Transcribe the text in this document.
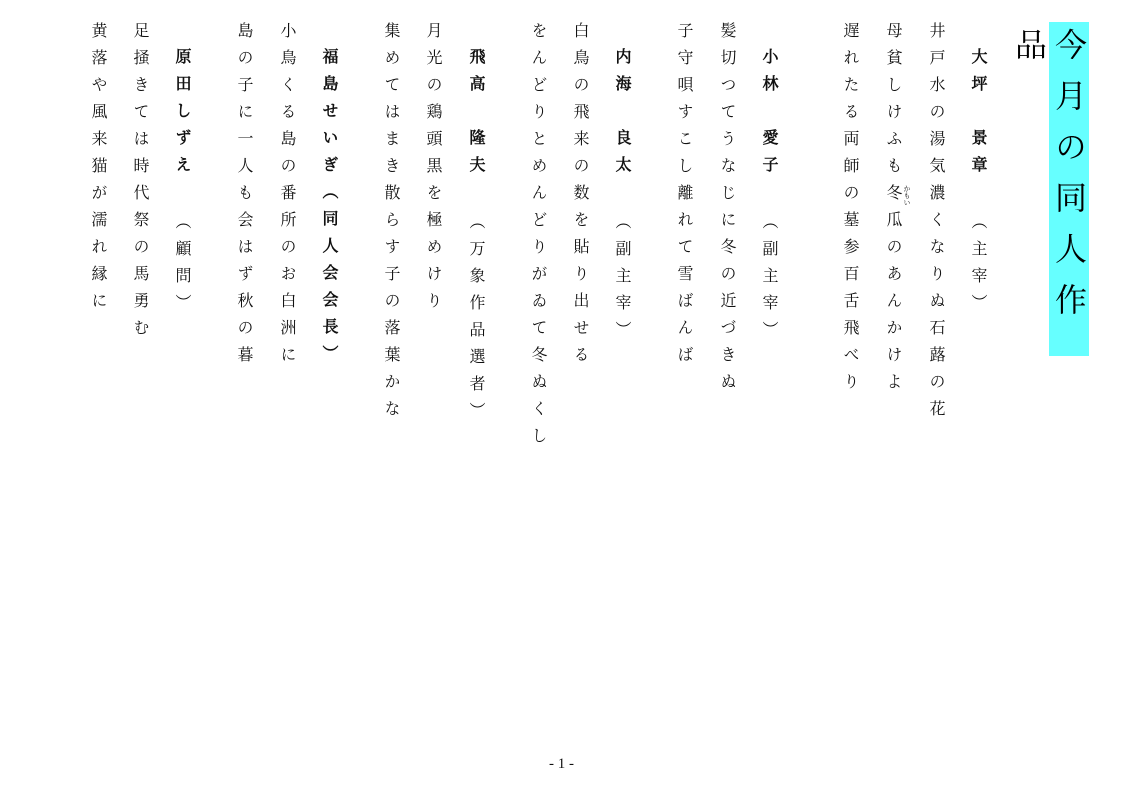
今月の同人作品
大坪　景章（主宰）
井戸水の湯気濃くなりぬ石蕗の花
母貧しけふも冬瓜のあんかけよ かもい
遅れたる両師の墓参百舌飛べり
小林　愛子（副主宰）
髪切つてうなじに冬の近づきぬ
子守唄すこし離れて雪ばんば
内海　良太（副主宰）
白鳥の飛来の数を貼り出せる
をんどりとめんどりがゐて冬ぬくし
飛高　隆夫（万象作品選者）
月光の鶏頭黒を極めけり
集めてはまき散らす子の落葉かな
福島せいぎ（同人会会長）
小鳥くる島の番所のお白洲に
島の子に一人も会はず秋の暮
原田しずえ（顧問）
足掻きては時代祭の馬勇む
黄落や風来猫が濡れ縁に
- 1 -
